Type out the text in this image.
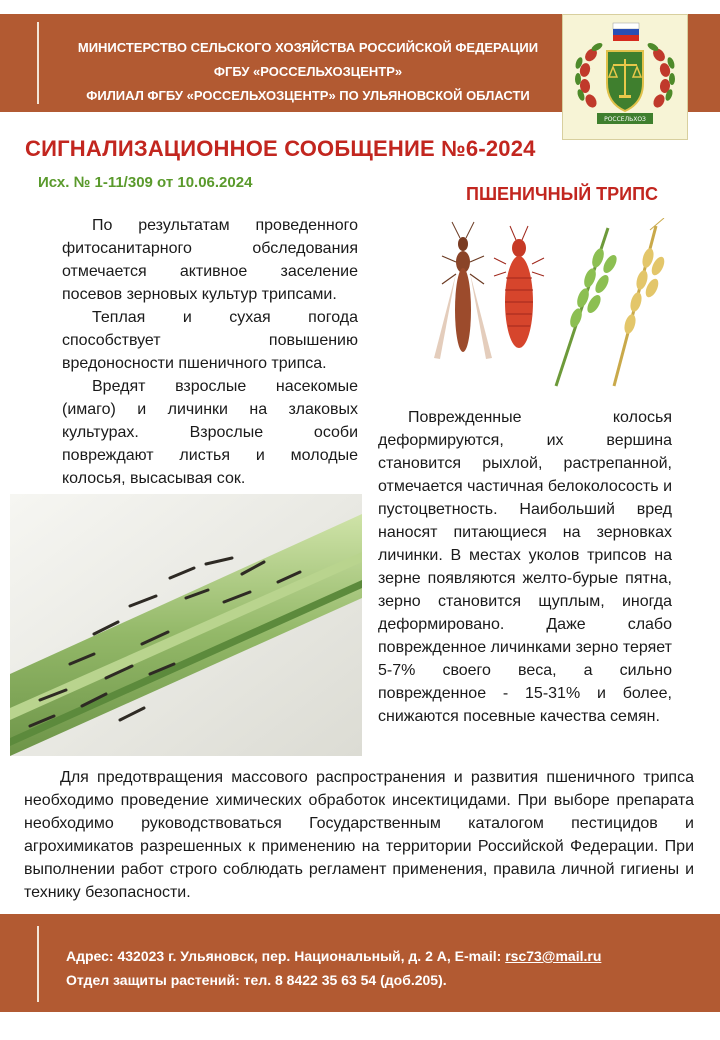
МИНИСТЕРСТВО СЕЛЬСКОГО ХОЗЯЙСТВА РОССИЙСКОЙ ФЕДЕРАЦИИ
ФГБУ «РОССЕЛЬХОЗЦЕНТР»
ФИЛИАЛ ФГБУ «РОССЕЛЬХОЗЦЕНТР» ПО УЛЬЯНОВСКОЙ ОБЛАСТИ
РОССЕЛЬХОЗ
СИГНАЛИЗАЦИОННОЕ СООБЩЕНИЕ №6-2024
Исх. № 1-11/309 от 10.06.2024
ПШЕНИЧНЫЙ ТРИПС

По результатам проведенного фитосанитарного обследования отмечается активное заселение посевов зерновых культур трипсами.

Теплая и сухая погода способствует повышению вредоносности пшеничного трипса.

Вредят взрослые насекомые (имаго) и личинки на злаковых культурах. Взрослые особи повреждают листья и молодые колосья, высасывая сок.

Поврежденные колосья деформируются, их вершина становится рыхлой, растрепанной, отмечается частичная белоколосость и пустоцветность. Наибольший вред наносят питающиеся на зерновках личинки. В местах уколов трипсов на зерне появляются желто-бурые пятна, зерно становится щуплым, иногда деформировано. Даже слабо поврежденное личинками зерно теряет 5-7% своего веса, а сильно поврежденное - 15-31% и более, снижаются посевные качества семян.

Для предотвращения массового распространения и развития пшеничного трипса необходимо проведение химических обработок инсектицидами. При выборе препарата необходимо руководствоваться Государственным каталогом пестицидов и агрохимикатов разрешенных к применению на территории Российской Федерации. При выполнении работ строго соблюдать регламент применения, правила личной гигиены и технику безопасности.

Адрес: 432023 г. Ульяновск, пер. Национальный, д. 2 А, E-mail: rsc73@mail.ru
Отдел защиты растений: тел. 8 8422 35 63 54 (доб.205).
